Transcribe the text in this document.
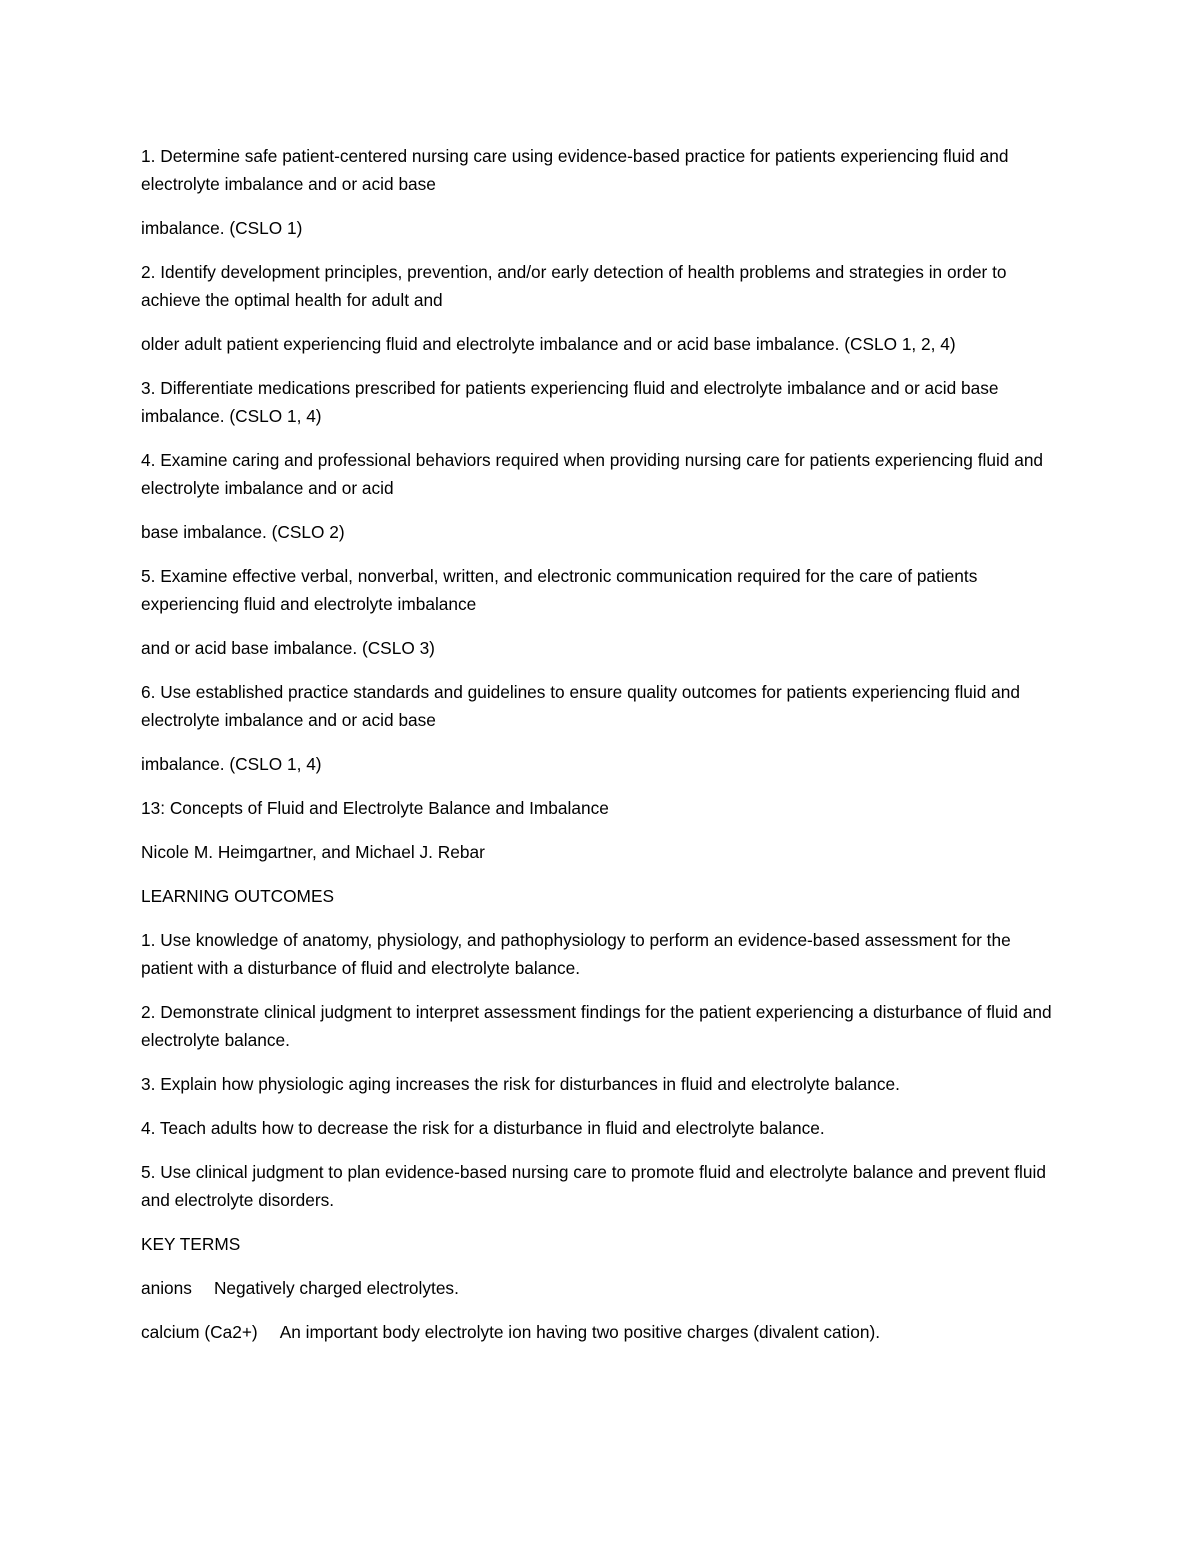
1. Determine safe patient-centered nursing care using evidence-based practice for patients experiencing fluid and electrolyte imbalance and or acid base

imbalance. (CSLO 1)

2. Identify development principles, prevention, and/or early detection of health problems and strategies in order to achieve the optimal health for adult and

older adult patient experiencing fluid and electrolyte imbalance and or acid base imbalance. (CSLO 1, 2, 4)

3. Differentiate medications prescribed for patients experiencing fluid and electrolyte imbalance and or acid base imbalance. (CSLO 1, 4)

4. Examine caring and professional behaviors required when providing nursing care for patients experiencing fluid and electrolyte imbalance and or acid

base imbalance. (CSLO 2)

5. Examine effective verbal, nonverbal, written, and electronic communication required for the care of patients experiencing fluid and electrolyte imbalance

and or acid base imbalance. (CSLO 3)

6. Use established practice standards and guidelines to ensure quality outcomes for patients experiencing fluid and electrolyte imbalance and or acid base

imbalance. (CSLO 1, 4)

13: Concepts of Fluid and Electrolyte Balance and Imbalance

Nicole M. Heimgartner, and Michael J. Rebar

LEARNING OUTCOMES

1. Use knowledge of anatomy, physiology, and pathophysiology to perform an evidence-based assessment for the patient with a disturbance of fluid and electrolyte balance.

2. Demonstrate clinical judgment to interpret assessment findings for the patient experiencing a disturbance of fluid and electrolyte balance.

3. Explain how physiologic aging increases the risk for disturbances in fluid and electrolyte balance.

4. Teach adults how to decrease the risk for a disturbance in fluid and electrolyte balance.

5. Use clinical judgment to plan evidence-based nursing care to promote fluid and electrolyte balance and prevent fluid and electrolyte disorders.

KEY TERMS

anions Negatively charged electrolytes.

calcium (Ca2+) An important body electrolyte ion having two positive charges (divalent cation).
